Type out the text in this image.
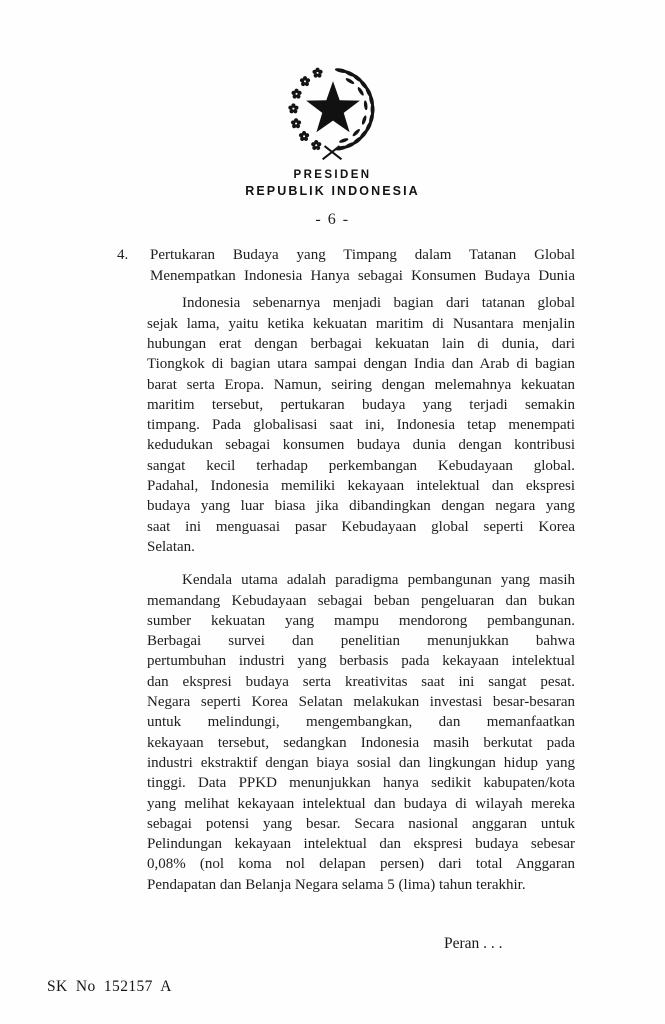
PRESIDEN
REPUBLIK INDONESIA
- 6 -
4.	Pertukaran Budaya yang Timpang dalam Tatanan Global
Menempatkan Indonesia Hanya sebagai Konsumen Budaya Dunia
Indonesia sebenarnya menjadi bagian dari tatanan global
sejak lama, yaitu ketika kekuatan maritim di Nusantara menjalin
hubungan erat dengan berbagai kekuatan lain di dunia, dari
Tiongkok di bagian utara sampai dengan India dan Arab di bagian
barat serta Eropa. Namun, seiring dengan melemahnya kekuatan
maritim tersebut, pertukaran budaya yang terjadi semakin
timpang. Pada globalisasi saat ini, Indonesia tetap menempati
kedudukan sebagai konsumen budaya dunia dengan kontribusi
sangat kecil terhadap perkembangan Kebudayaan global.
Padahal, Indonesia memiliki kekayaan intelektual dan ekspresi
budaya yang luar biasa jika dibandingkan dengan negara yang
saat ini menguasai pasar Kebudayaan global seperti Korea
Selatan.
Kendala utama adalah paradigma pembangunan yang masih
memandang Kebudayaan sebagai beban pengeluaran dan bukan
sumber kekuatan yang mampu mendorong pembangunan.
Berbagai survei dan penelitian menunjukkan bahwa
pertumbuhan industri yang berbasis pada kekayaan intelektual
dan ekspresi budaya serta kreativitas saat ini sangat pesat.
Negara seperti Korea Selatan melakukan investasi besar-besaran
untuk melindungi, mengembangkan, dan memanfaatkan
kekayaan tersebut, sedangkan Indonesia masih berkutat pada
industri ekstraktif dengan biaya sosial dan lingkungan hidup yang
tinggi. Data PPKD menunjukkan hanya sedikit kabupaten/kota
yang melihat kekayaan intelektual dan budaya di wilayah mereka
sebagai potensi yang besar. Secara nasional anggaran untuk
Pelindungan kekayaan intelektual dan ekspresi budaya sebesar
0,08% (nol koma nol delapan persen) dari total Anggaran
Pendapatan dan Belanja Negara selama 5 (lima) tahun terakhir.
Peran . . .
SK No 152157 A
